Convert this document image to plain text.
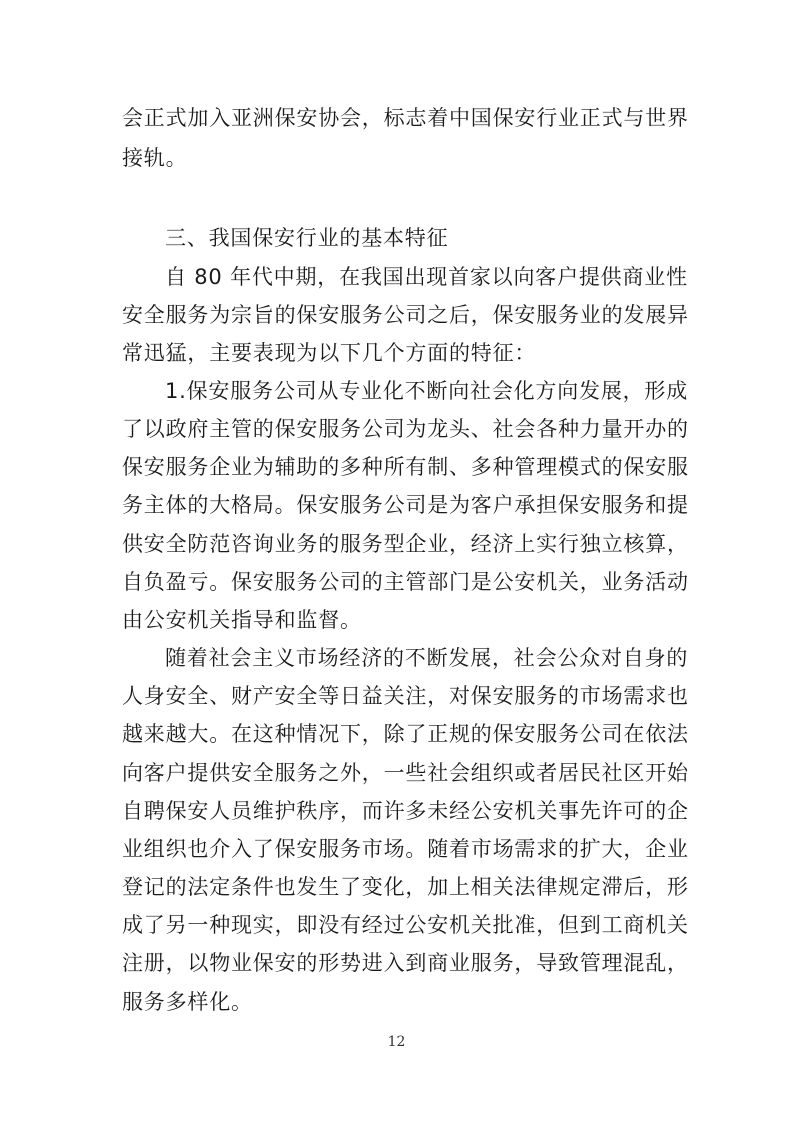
会正式加入亚洲保安协会，标志着中国保安行业正式与世界
接轨。
三、我国保安行业的基本特征
自 80 年代中期，在我国出现首家以向客户提供商业性
安全服务为宗旨的保安服务公司之后，保安服务业的发展异
常迅猛，主要表现为以下几个方面的特征：
1.保安服务公司从专业化不断向社会化方向发展，形成
了以政府主管的保安服务公司为龙头、社会各种力量开办的
保安服务企业为辅助的多种所有制、多种管理模式的保安服
务主体的大格局。保安服务公司是为客户承担保安服务和提
供安全防范咨询业务的服务型企业，经济上实行独立核算，
自负盈亏。保安服务公司的主管部门是公安机关，业务活动
由公安机关指导和监督。
随着社会主义市场经济的不断发展，社会公众对自身的
人身安全、财产安全等日益关注，对保安服务的市场需求也
越来越大。在这种情况下，除了正规的保安服务公司在依法
向客户提供安全服务之外，一些社会组织或者居民社区开始
自聘保安人员维护秩序，而许多未经公安机关事先许可的企
业组织也介入了保安服务市场。随着市场需求的扩大，企业
登记的法定条件也发生了变化，加上相关法律规定滞后，形
成了另一种现实，即没有经过公安机关批准，但到工商机关
注册，以物业保安的形势进入到商业服务，导致管理混乱，
服务多样化。
12
